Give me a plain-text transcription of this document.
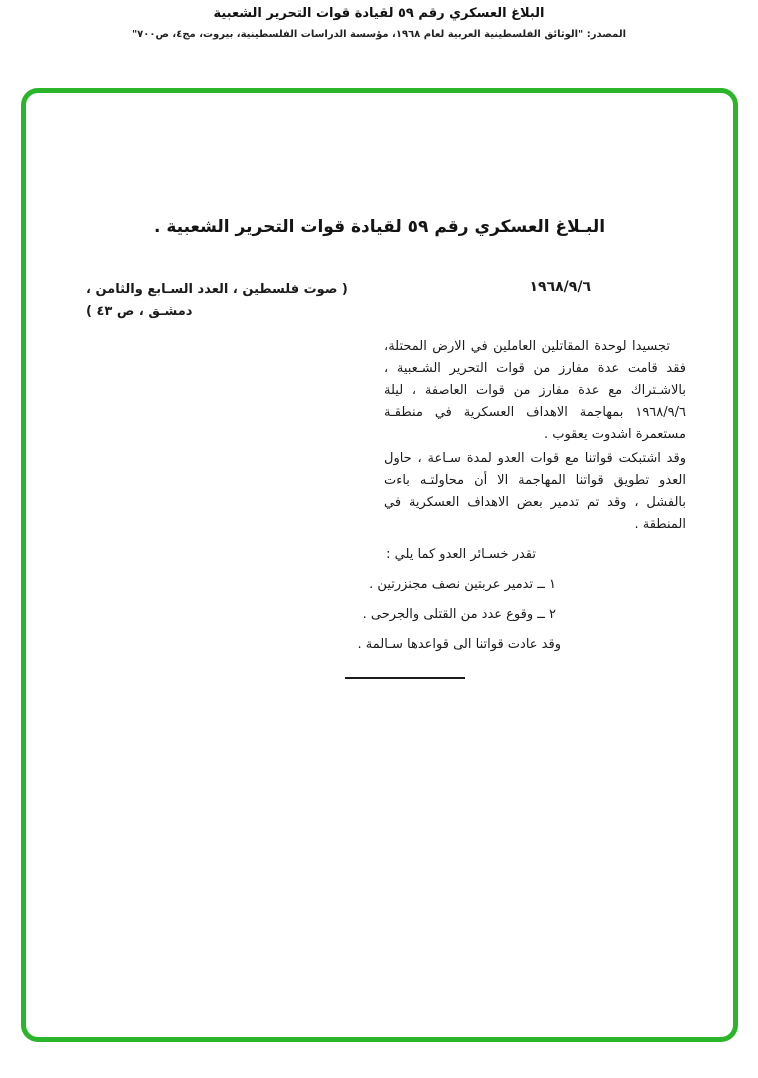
البلاغ العسكري رقم ٥٩ لقيادة قوات التحرير الشعبية
المصدر: "الوثائق الفلسطينية العربية لعام ١٩٦٨، مؤسسة الدراسات الفلسطينية، بيروت، مج٤، ص٧٠٠"
البـلاغ العسكري رقم ٥٩ لقيادة قوات التحرير الشعبية .
١٩٦٨/٩/٦
( صوت فلسطين ، العدد السـابع والثامن ،
دمشـق ، ص ٤٣ )

تجسيدا لوحدة المقاتلين العاملين في الارض المحتلة، فقد قامت عدة مفارز من قوات التحرير الشـعبية ، بالاشـتراك مع عدة مفارز من قوات العاصفة ، ليلة ١٩٦٨/٩/٦ بمهاجمة الاهداف العسكرية في منطقـة مستعمرة اشدوت يعقوب .

وقد اشتبكت قواتنا مع قوات العدو لمدة سـاعة ، حاول العدو تطويق قواتنا المهاجمة الا أن محاولتـه باءت بالفشل ، وقد تم تدمير بعض الاهداف العسكرية في المنطقة .

تقدر خسـائر العدو كما يلي :
١ ــ تدمير عربتين نصف مجنزرتين .
٢ ــ وقوع عدد من القتلى والجرحى .
وقد عادت قواتنا الى قواعدها سـالمة .
